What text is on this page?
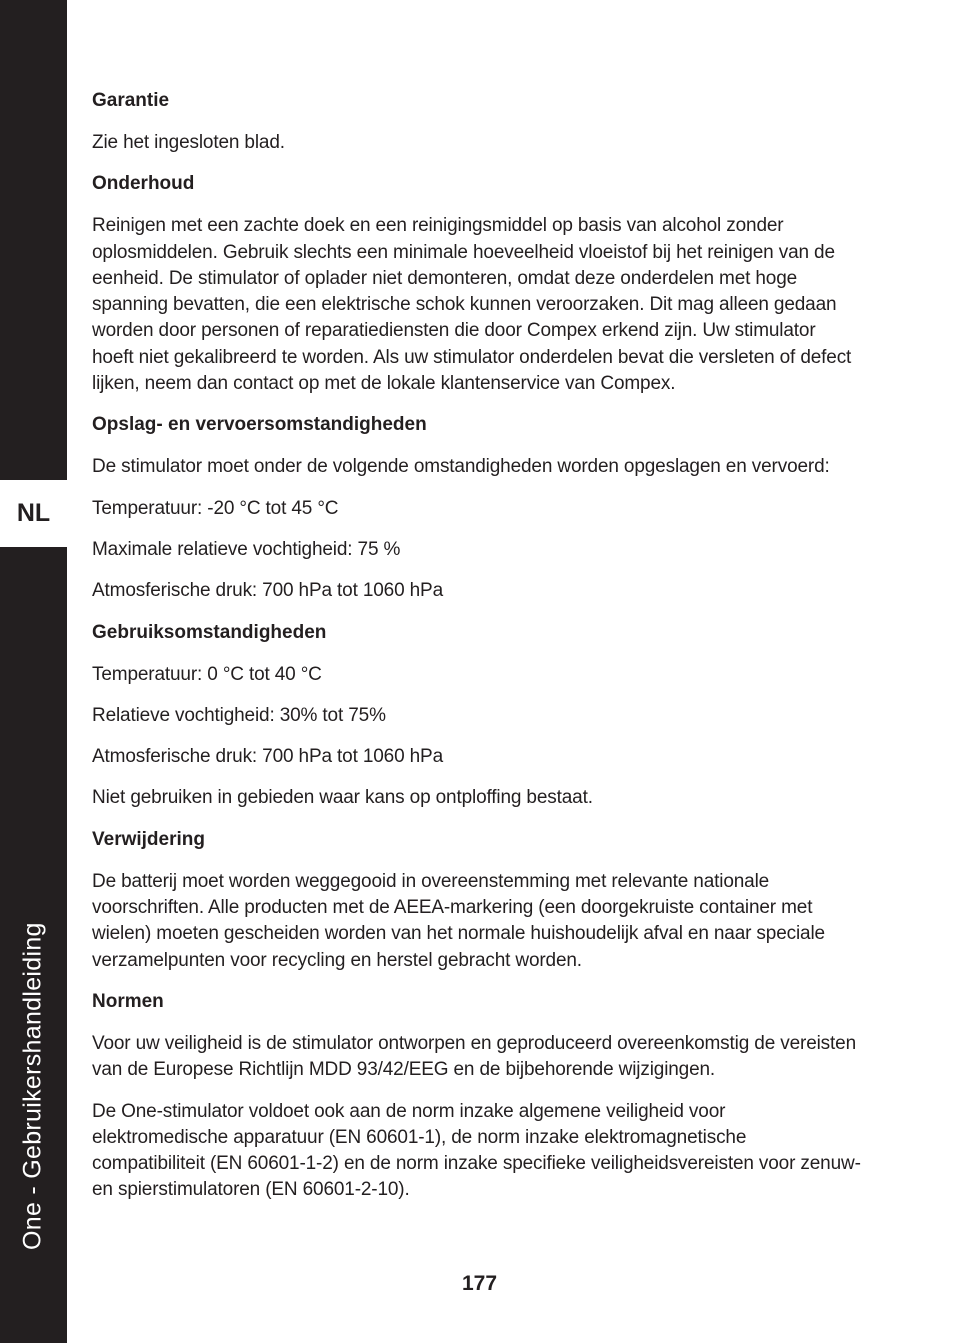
One - Gebruikershandleiding
NL
Garantie

Zie het ingesloten blad.

Onderhoud

Reinigen met een zachte doek en een reinigingsmiddel op basis van alcohol zonder oplosmiddelen. Gebruik slechts een minimale hoeveelheid vloeistof bij het reinigen van de eenheid. De stimulator of oplader niet demonteren, omdat deze onderdelen met hoge spanning bevatten, die een elektrische schok kunnen veroorzaken. Dit mag alleen gedaan worden door personen of reparatiediensten die door Compex erkend zijn. Uw stimulator hoeft niet gekalibreerd te worden. Als uw stimulator onderdelen bevat die versleten of defect lijken, neem dan contact op met de lokale klantenservice van Compex.

Opslag- en vervoersomstandigheden

De stimulator moet onder de volgende omstandigheden worden opgeslagen en vervoerd:

Temperatuur: -20 °C tot 45 °C

Maximale relatieve vochtigheid: 75 %

Atmosferische druk: 700 hPa tot 1060 hPa

Gebruiksomstandigheden

Temperatuur: 0 °C tot 40 °C

Relatieve vochtigheid: 30% tot 75%

Atmosferische druk: 700 hPa tot 1060 hPa

Niet gebruiken in gebieden waar kans op ontploffing bestaat.

Verwijdering

De batterij moet worden weggegooid in overeenstemming met relevante nationale voorschriften. Alle producten met de AEEA-markering (een doorgekruiste container met wielen) moeten gescheiden worden van het normale huishoudelijk afval en naar speciale verzamelpunten voor recycling en herstel gebracht worden.

Normen

Voor uw veiligheid is de stimulator ontworpen en geproduceerd overeenkomstig de vereisten van de Europese Richtlijn MDD 93/42/EEG en de bijbehorende wijzigingen.

De One-stimulator voldoet ook aan de norm inzake algemene veiligheid voor elektromedische apparatuur (EN 60601-1), de norm inzake elektromagnetische compatibiliteit (EN 60601-1-2) en de norm inzake specifieke veiligheidsvereisten voor zenuw- en spierstimulatoren (EN 60601-2-10).

177
